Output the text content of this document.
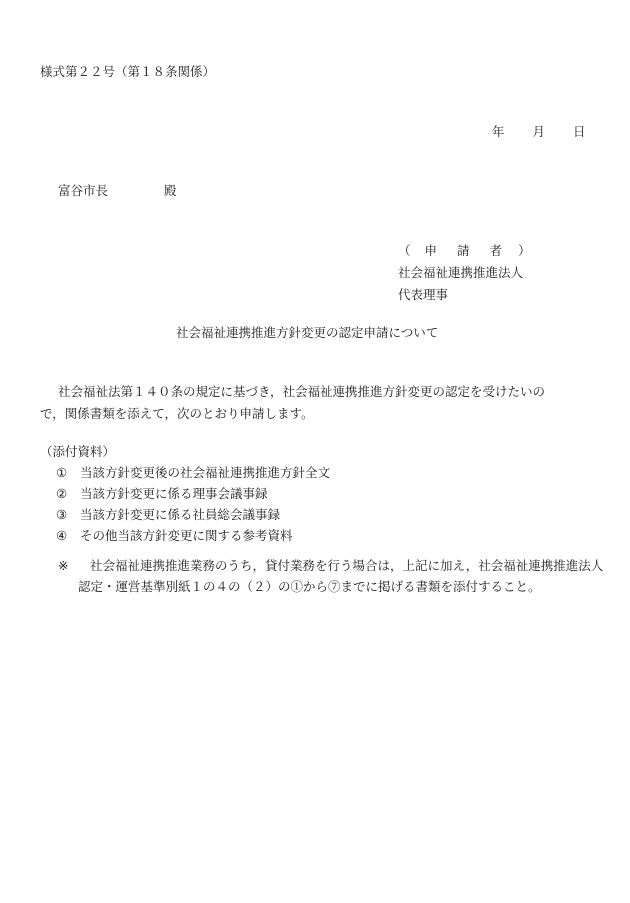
様式第２２号（第１８条関係）
年 月 日
富谷市長	殿
（ 申 請 者 ）
社会福祉連携推進法人
代表理事
社会福祉連携推進方針変更の認定申請について
社会福祉法第１４０条の規定に基づき，社会福祉連携推進方針変更の認定を受けたいの
で，関係書類を添えて，次のとおり申請します。
（添付資料）
① 当該方針変更後の社会福祉連携推進方針全文
② 当該方針変更に係る理事会議事録
③ 当該方針変更に係る社員総会議事録
④ その他当該方針変更に関する参考資料
※ 社会福祉連携推進業務のうち，貸付業務を行う場合は，上記に加え，社会福祉連携推進法人
認定・運営基準別紙１の４の（２）の①から⑦までに掲げる書類を添付すること。
